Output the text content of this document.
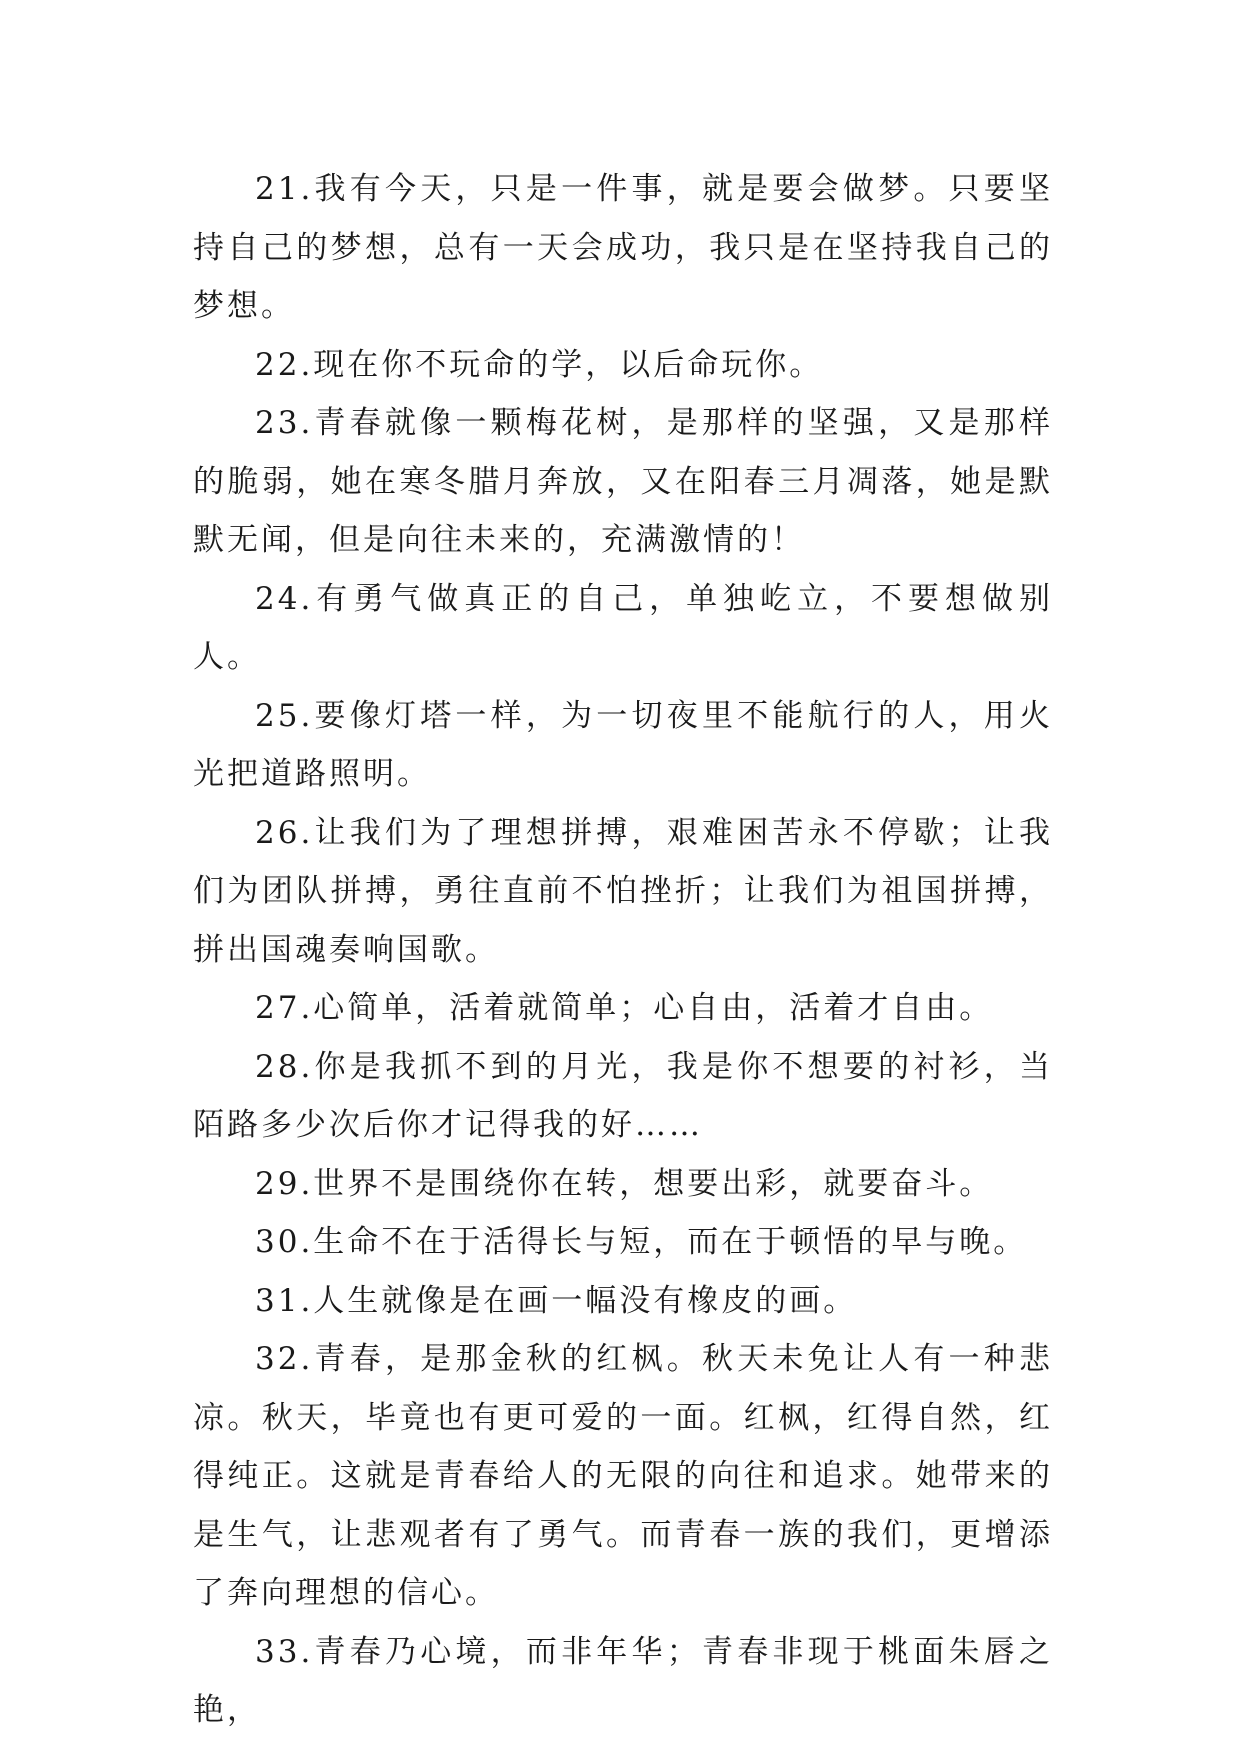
21.我有今天，只是一件事，就是要会做梦。只要坚持自己的梦想，总有一天会成功，我只是在坚持我自己的梦想。

22.现在你不玩命的学，以后命玩你。

23.青春就像一颗梅花树，是那样的坚强，又是那样的脆弱，她在寒冬腊月奔放，又在阳春三月凋落，她是默默无闻，但是向往未来的，充满激情的！

24.有勇气做真正的自己，单独屹立，不要想做别人。

25.要像灯塔一样，为一切夜里不能航行的人，用火光把道路照明。

26.让我们为了理想拼搏，艰难困苦永不停歇；让我们为团队拼搏，勇往直前不怕挫折；让我们为祖国拼搏，拼出国魂奏响国歌。

27.心简单，活着就简单；心自由，活着才自由。

28.你是我抓不到的月光，我是你不想要的衬衫，当陌路多少次后你才记得我的好……

29.世界不是围绕你在转，想要出彩，就要奋斗。

30.生命不在于活得长与短，而在于顿悟的早与晚。

31.人生就像是在画一幅没有橡皮的画。

32.青春，是那金秋的红枫。秋天未免让人有一种悲凉。秋天，毕竟也有更可爱的一面。红枫，红得自然，红得纯正。这就是青春给人的无限的向往和追求。她带来的是生气，让悲观者有了勇气。而青春一族的我们，更增添了奔向理想的信心。

33.青春乃心境，而非年华；青春非现于桃面朱唇之艳，
